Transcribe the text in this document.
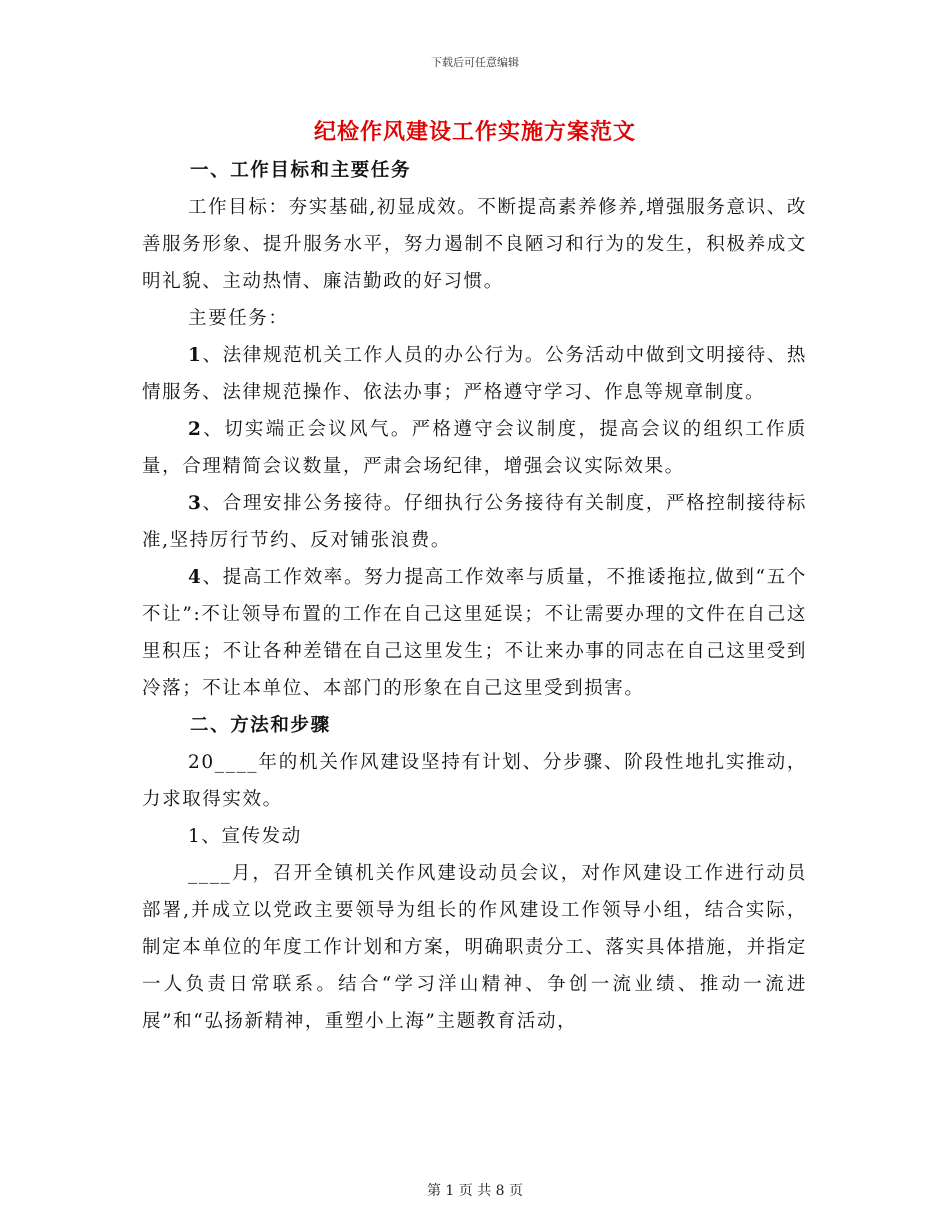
下载后可任意编辑
纪检作风建设工作实施方案范文
一、工作目标和主要任务
工作目标：夯实基础,初显成效。不断提高素养修养,增强服务意识、改善服务形象、提升服务水平，努力遏制不良陋习和行为的发生，积极养成文明礼貌、主动热情、廉洁勤政的好习惯。
主要任务：
1、法律规范机关工作人员的办公行为。公务活动中做到文明接待、热情服务、法律规范操作、依法办事；严格遵守学习、作息等规章制度。
2、切实端正会议风气。严格遵守会议制度，提高会议的组织工作质量，合理精简会议数量，严肃会场纪律，增强会议实际效果。
3、合理安排公务接待。仔细执行公务接待有关制度，严格控制接待标准,坚持厉行节约、反对铺张浪费。
4、提高工作效率。努力提高工作效率与质量，不推诿拖拉,做到“五个不让”:不让领导布置的工作在自己这里延误；不让需要办理的文件在自己这里积压；不让各种差错在自己这里发生；不让来办事的同志在自己这里受到冷落；不让本单位、本部门的形象在自己这里受到损害。
二、方法和步骤
20____年的机关作风建设坚持有计划、分步骤、阶段性地扎实推动，力求取得实效。
1、宣传发动
____月，召开全镇机关作风建设动员会议，对作风建设工作进行动员部署,并成立以党政主要领导为组长的作风建设工作领导小组，结合实际，制定本单位的年度工作计划和方案，明确职责分工、落实具体措施，并指定一人负责日常联系。结合“学习洋山精神、争创一流业绩、推动一流进展”和“弘扬新精神，重塑小上海”主题教育活动，
第 1 页 共 8 页
